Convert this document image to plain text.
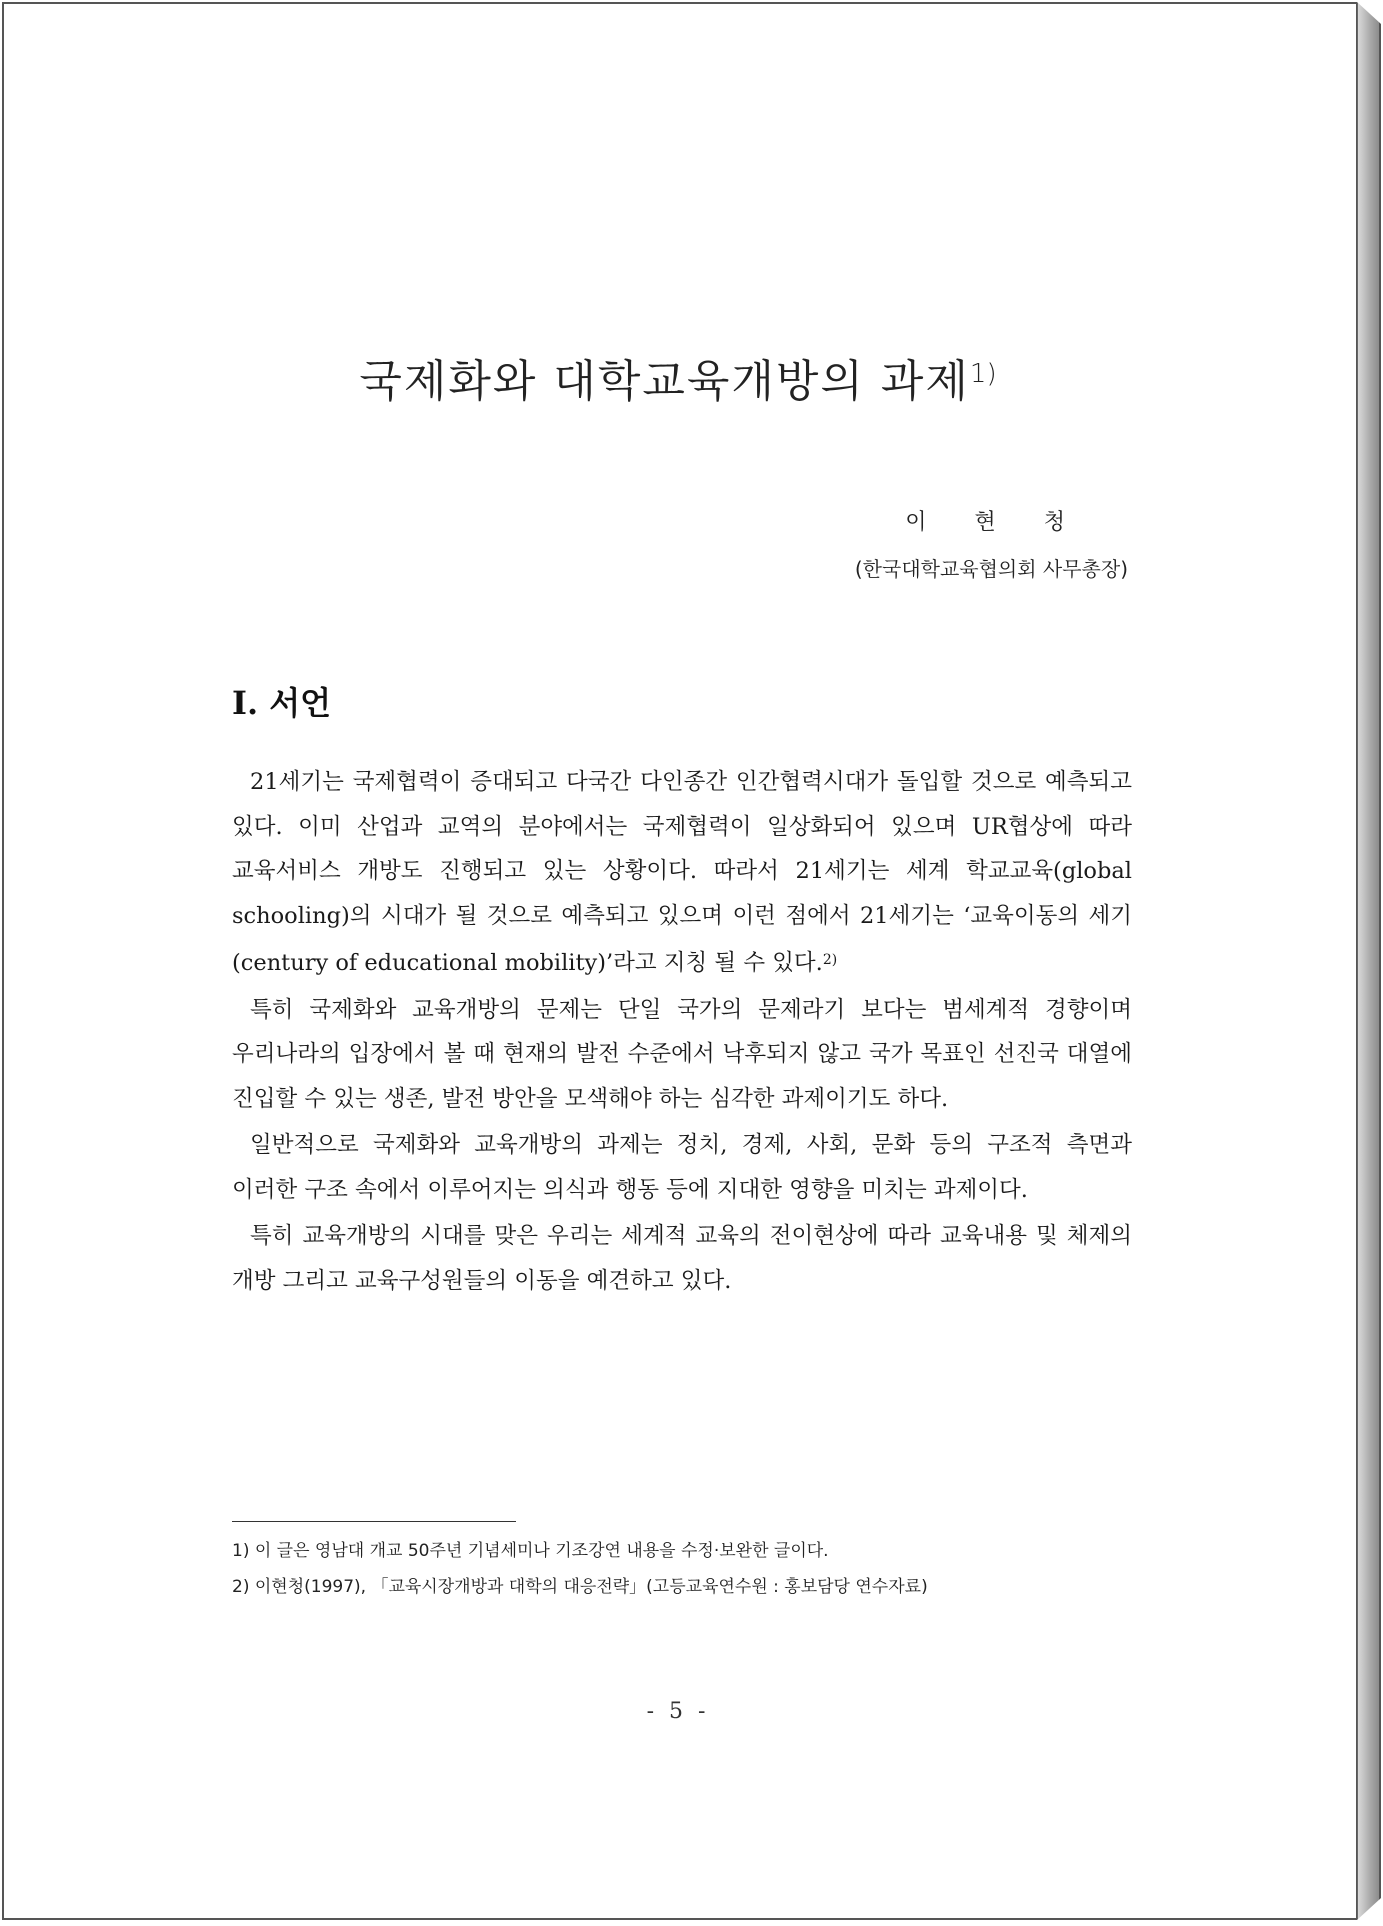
국제화와 대학교육개방의 과제$^{1)}$
이현청
(한국대학교육협의회 사무총장)
Ⅰ. 서언

21세기는 국제협력이 증대되고 다국간 다인종간 인간협력시대가 돌입할 것으로 예측되고 있다. 이미 산업과 교역의 분야에서는 국제협력이 일상화되어 있으며 UR협상에 따라 교육서비스 개방도 진행되고 있는 상황이다. 따라서 21세기는 세계 학교교육(global schooling)의 시대가 될 것으로 예측되고 있으며 이런 점에서 21세기는 ‘교육이동의 세기(century of educational mobility)’라고 지칭 될 수 있다.$^{2)}$

특히 국제화와 교육개방의 문제는 단일 국가의 문제라기 보다는 범세계적 경향이며 우리나라의 입장에서 볼 때 현재의 발전 수준에서 낙후되지 않고 국가 목표인 선진국 대열에 진입할 수 있는 생존, 발전 방안을 모색해야 하는 심각한 과제이기도 하다.

일반적으로 국제화와 교육개방의 과제는 정치, 경제, 사회, 문화 등의 구조적 측면과 이러한 구조 속에서 이루어지는 의식과 행동 등에 지대한 영향을 미치는 과제이다.

특히 교육개방의 시대를 맞은 우리는 세계적 교육의 전이현상에 따라 교육내용 및 체제의 개방 그리고 교육구성원들의 이동을 예견하고 있다.

1) 이 글은 영남대 개교 50주년 기념세미나 기조강연 내용을 수정·보완한 글이다.
2) 이현청(1997), 「교육시장개방과 대학의 대응전략」(고등교육연수원 : 홍보담당 연수자료)
- 5 -
